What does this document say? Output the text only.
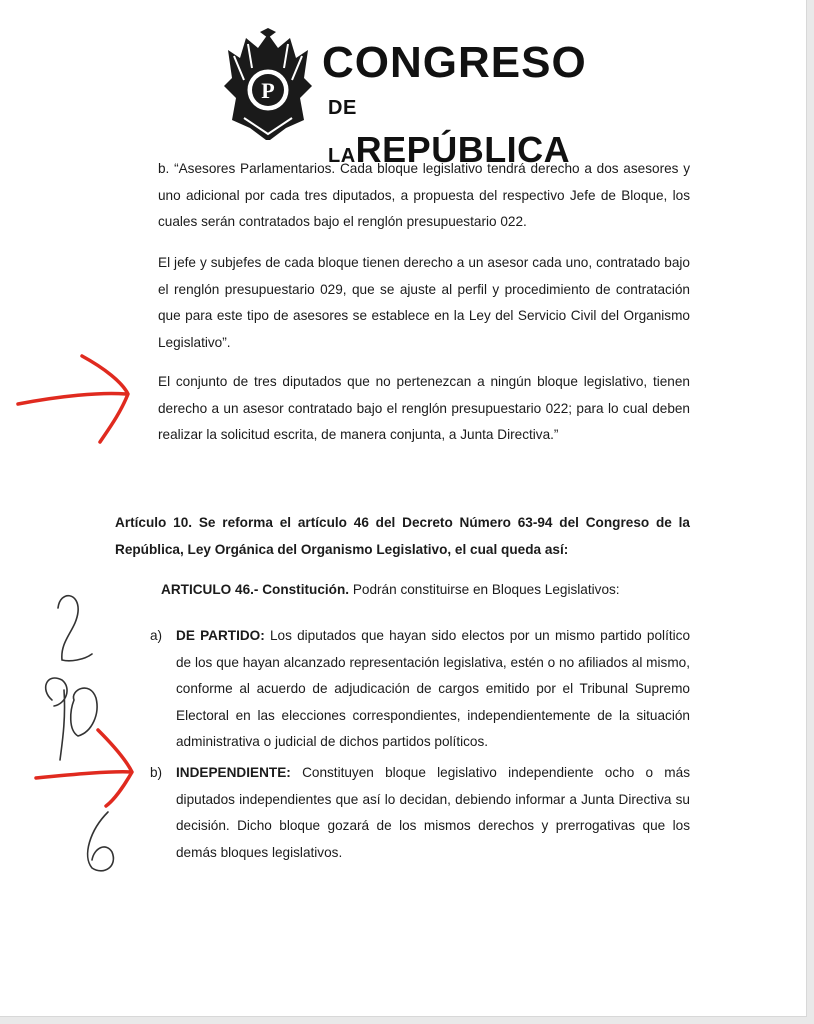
P
CONGRESO
DE LAREPÚBLICA
b. “Asesores Parlamentarios. Cada bloque legislativo tendrá derecho a dos asesores y uno adicional por cada tres diputados, a propuesta del respectivo Jefe de Bloque, los cuales serán contratados bajo el renglón presupuestario 022.
El jefe y subjefes de cada bloque tienen derecho a un asesor cada uno, contratado bajo el renglón presupuestario 029, que se ajuste al perfil y procedimiento de contratación que para este tipo de asesores se establece en la Ley del Servicio Civil del Organismo Legislativo”.
El conjunto de tres diputados que no pertenezcan a ningún bloque legislativo, tienen derecho a un asesor contratado bajo el renglón presupuestario 022; para lo cual deben realizar la solicitud escrita, de manera conjunta, a Junta Directiva.”
Artículo 10. Se reforma el artículo 46 del Decreto Número 63-94 del Congreso de la República, Ley Orgánica del Organismo Legislativo, el cual queda así:
ARTICULO 46.- Constitución. Podrán constituirse en Bloques Legislativos:
a)	DE PARTIDO: Los diputados que hayan sido electos por un mismo partido político de los que hayan alcanzado representación legislativa, estén o no afiliados al mismo, conforme al acuerdo de adjudicación de cargos emitido por el Tribunal Supremo Electoral en las elecciones correspondientes, independientemente de la situación administrativa o judicial de dichos partidos políticos.
b)	INDEPENDIENTE: Constituyen bloque legislativo independiente ocho o más diputados independientes que así lo decidan, debiendo informar a Junta Directiva su decisión. Dicho bloque gozará de los mismos derechos y prerrogativas que los demás bloques legislativos.
